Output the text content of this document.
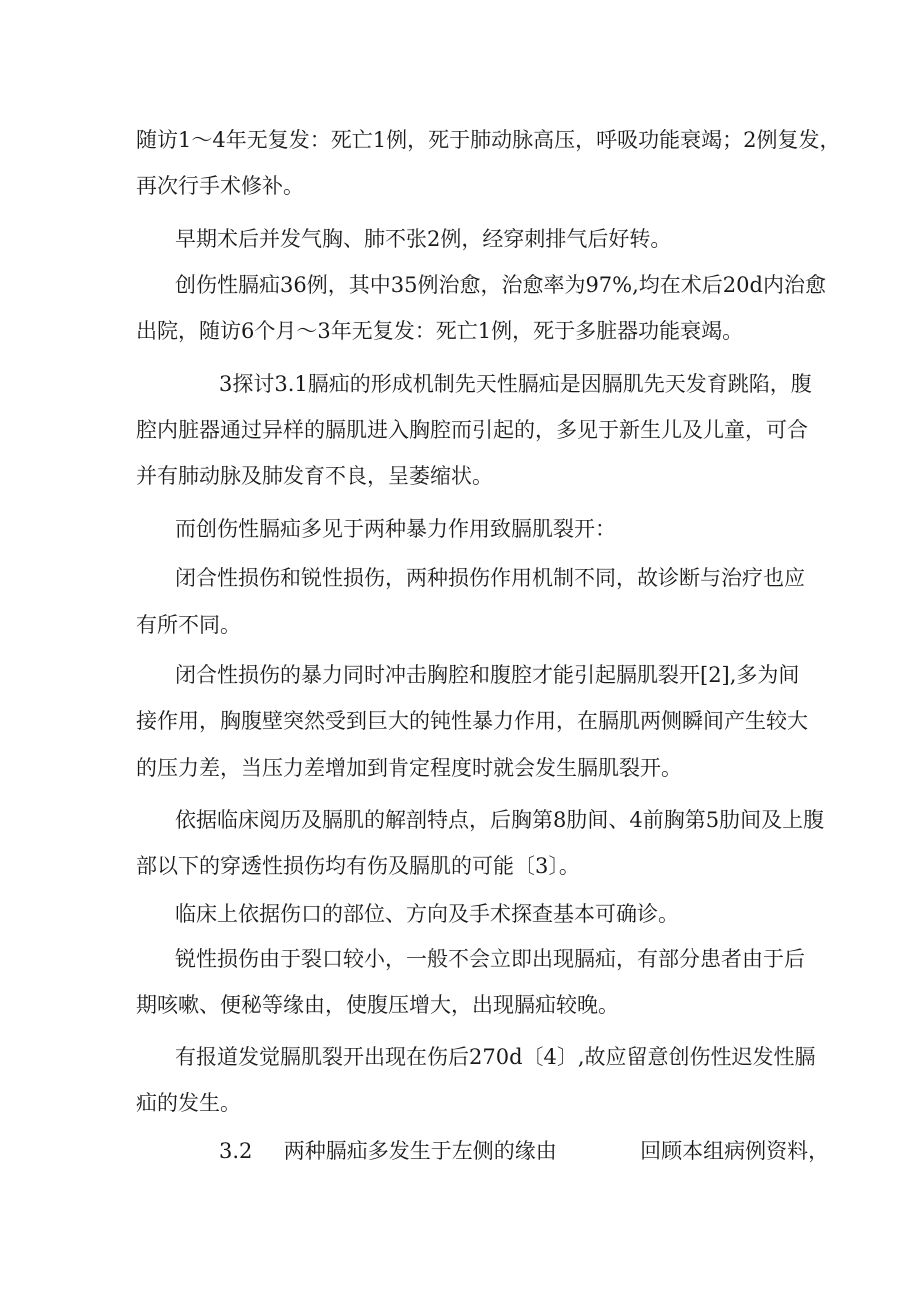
随访1～4年无复发：死亡1例，死于肺动脉高压，呼吸功能衰竭；2例复发，

再次行手术修补。

早期术后并发气胸、肺不张2例，经穿刺排气后好转。

创伤性膈疝36例，其中35例治愈，治愈率为97%,均在术后20d内治愈

出院，随访6个月～3年无复发：死亡1例，死于多脏器功能衰竭。

3探讨3.1膈疝的形成机制先天性膈疝是因膈肌先天发育跳陷，腹

腔内脏器通过异样的膈肌进入胸腔而引起的，多见于新生儿及儿童，可合

并有肺动脉及肺发育不良，呈萎缩状。

而创伤性膈疝多见于两种暴力作用致膈肌裂开：

闭合性损伤和锐性损伤，两种损伤作用机制不同，故诊断与治疗也应

有所不同。

闭合性损伤的暴力同时冲击胸腔和腹腔才能引起膈肌裂开[2],多为间

接作用，胸腹壁突然受到巨大的钝性暴力作用，在膈肌两侧瞬间产生较大

的压力差，当压力差增加到肯定程度时就会发生膈肌裂开。

依据临床阅历及膈肌的解剖特点，后胸第8肋间、4前胸第5肋间及上腹

部以下的穿透性损伤均有伤及膈肌的可能〔3〕。

临床上依据伤口的部位、方向及手术探查基本可确诊。

锐性损伤由于裂口较小，一般不会立即出现膈疝，有部分患者由于后

期咳嗽、便秘等缘由，使腹压增大，出现膈疝较晚。

有报道发觉膈肌裂开出现在伤后270d〔4〕,故应留意创伤性迟发性膈

疝的发生。

3.2 两种膈疝多发生于左侧的缘由	回顾本组病例资料，
